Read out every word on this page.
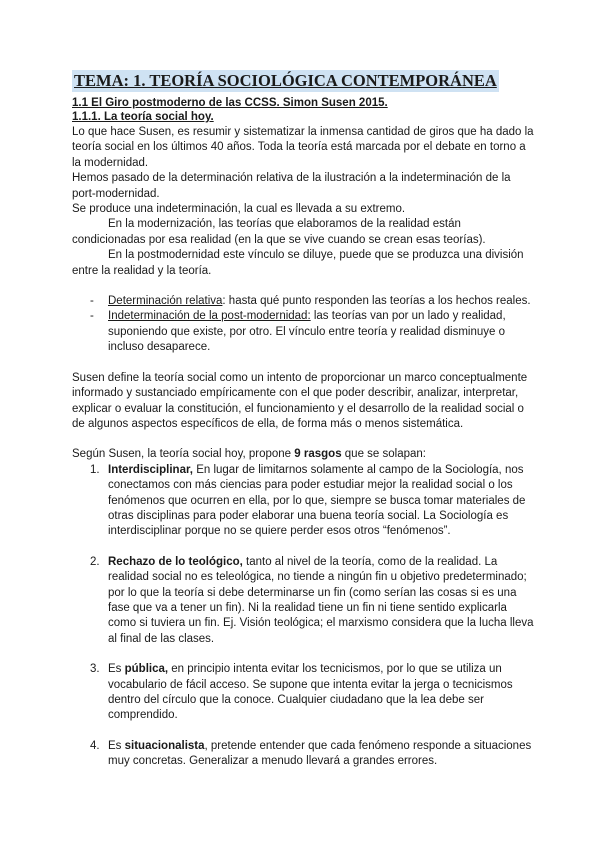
TEMA: 1. TEORÍA SOCIOLÓGICA CONTEMPORÁNEA
1.1 El Giro postmoderno de las CCSS. Simon Susen 2015.
1.1.1. La teoría social hoy.

Lo que hace Susen, es resumir y sistematizar la inmensa cantidad de giros que ha dado la teoría social en los últimos 40 años. Toda la teoría está marcada por el debate en torno a la modernidad.

Hemos pasado de la determinación relativa de la ilustración a la indeterminación de la port-modernidad.

Se produce una indeterminación, la cual es llevada a su extremo.

En la modernización, las teorías que elaboramos de la realidad están condicionadas por esa realidad (en la que se vive cuando se crean esas teorías).

En la postmodernidad este vínculo se diluye, puede que se produzca una división entre la realidad y la teoría.

- Determinación relativa: hasta qué punto responden las teorías a los hechos reales.
- Indeterminación de la post-modernidad: las teorías van por un lado y realidad, suponiendo que existe, por otro. El vínculo entre teoría y realidad disminuye o incluso desaparece.

Susen define la teoría social como un intento de proporcionar un marco conceptualmente informado y sustanciado empíricamente con el que poder describir, analizar, interpretar, explicar o evaluar la constitución, el funcionamiento y el desarrollo de la realidad social o de algunos aspectos específicos de ella, de forma más o menos sistemática.

Según Susen, la teoría social hoy, propone 9 rasgos que se solapan:

1. Interdisciplinar, En lugar de limitarnos solamente al campo de la Sociología, nos conectamos con más ciencias para poder estudiar mejor la realidad social o los fenómenos que ocurren en ella, por lo que, siempre se busca tomar materiales de otras disciplinas para poder elaborar una buena teoría social. La Sociología es interdisciplinar porque no se quiere perder esos otros “fenómenos”.
2. Rechazo de lo teológico, tanto al nivel de la teoría, como de la realidad. La realidad social no es teleológica, no tiende a ningún fin u objetivo predeterminado; por lo que la teoría si debe determinarse un fin (como serían las cosas si es una fase que va a tener un fin). Ni la realidad tiene un fin ni tiene sentido explicarla como si tuviera un fin. Ej. Visión teológica; el marxismo considera que la lucha lleva al final de las clases.
3. Es pública, en principio intenta evitar los tecnicismos, por lo que se utiliza un vocabulario de fácil acceso. Se supone que intenta evitar la jerga o tecnicismos dentro del círculo que la conoce. Cualquier ciudadano que la lea debe ser comprendido.
4. Es situacionalista, pretende entender que cada fenómeno responde a situaciones muy concretas. Generalizar a menudo llevará a grandes errores.
